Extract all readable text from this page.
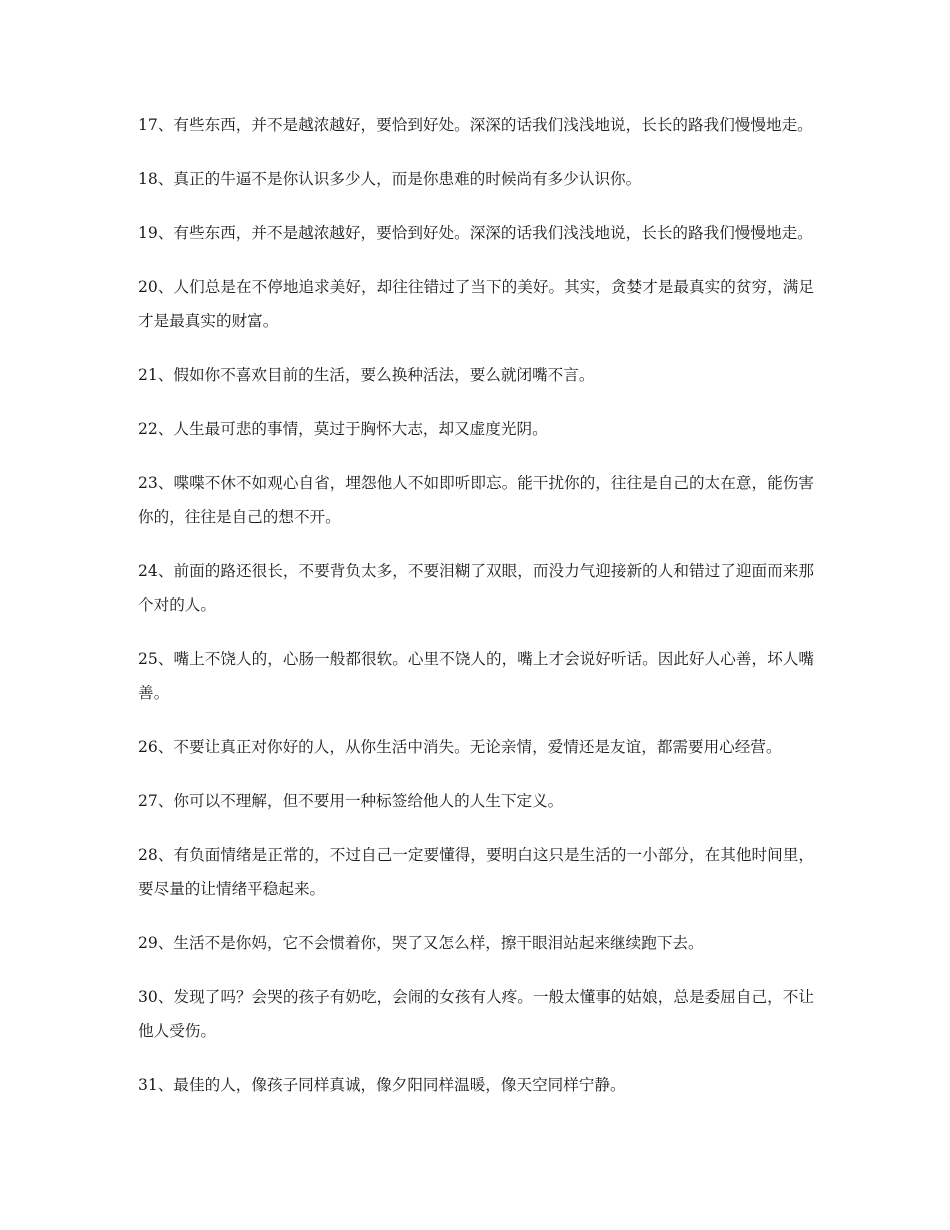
17、有些东西，并不是越浓越好，要恰到好处。深深的话我们浅浅地说，长长的路我们慢慢地走。

18、真正的牛逼不是你认识多少人，而是你患难的时候尚有多少认识你。

19、有些东西，并不是越浓越好，要恰到好处。深深的话我们浅浅地说，长长的路我们慢慢地走。

20、人们总是在不停地追求美好，却往往错过了当下的美好。其实，贪婪才是最真实的贫穷，满足才是最真实的财富。

21、假如你不喜欢目前的生活，要么换种活法，要么就闭嘴不言。

22、人生最可悲的事情，莫过于胸怀大志，却又虚度光阴。

23、喋喋不休不如观心自省，埋怨他人不如即听即忘。能干扰你的，往往是自己的太在意，能伤害你的，往往是自己的想不开。

24、前面的路还很长，不要背负太多，不要泪糊了双眼，而没力气迎接新的人和错过了迎面而来那个对的人。

25、嘴上不饶人的，心肠一般都很软。心里不饶人的，嘴上才会说好听话。因此好人心善，坏人嘴善。

26、不要让真正对你好的人，从你生活中消失。无论亲情，爱情还是友谊，都需要用心经营。

27、你可以不理解，但不要用一种标签给他人的人生下定义。

28、有负面情绪是正常的，不过自己一定要懂得，要明白这只是生活的一小部分，在其他时间里，要尽量的让情绪平稳起来。

29、生活不是你妈，它不会惯着你，哭了又怎么样，擦干眼泪站起来继续跑下去。

30、发现了吗？会哭的孩子有奶吃，会闹的女孩有人疼。一般太懂事的姑娘，总是委屈自己，不让他人受伤。

31、最佳的人，像孩子同样真诚，像夕阳同样温暖，像天空同样宁静。
